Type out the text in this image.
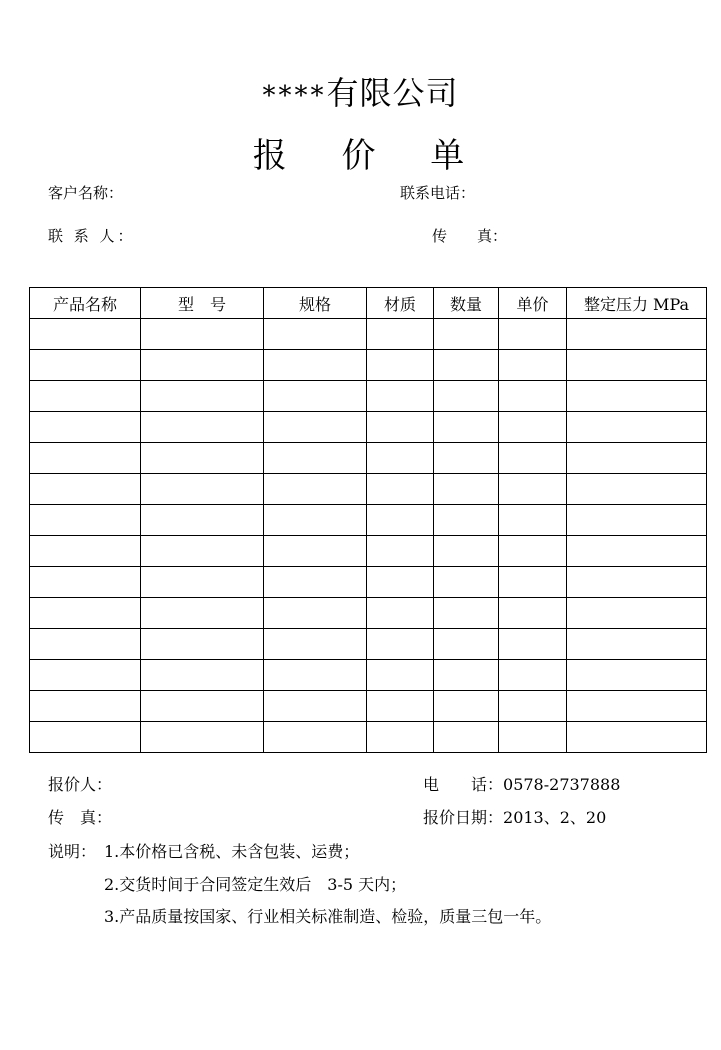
****有限公司
报 价 单
客户名称：	联系电话：
联 系 人：	传　　真：
产品名称	型　号	规格	材质	数量	单价	整定压力 MPa

报价人：	电　　话：0578-2737888
传　真：	报价日期：2013、2、20
说明： 1.本价格已含税、未含包装、运费；
2.交货时间于合同签定生效后　3-5 天内；
3.产品质量按国家、行业相关标准制造、检验，质量三包一年。
